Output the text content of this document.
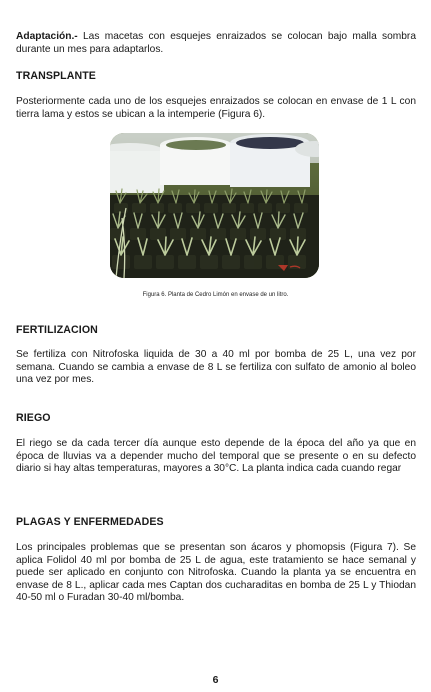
Adaptación.- Las macetas con esquejes enraizados se colocan bajo malla sombra durante un mes para adaptarlos.

TRANSPLANTE

Posteriormente cada uno de los esquejes enraizados se colocan en envase de 1 L con tierra lama y estos se ubican a la intemperie (Figura 6).

Figura 6. Planta de Cedro Limón en envase de un litro.
FERTILIZACION

Se fertiliza con Nitrofoska liquida de 30 a 40 ml por bomba de 25 L, una vez por semana. Cuando se cambia a envase de 8 L se fertiliza con sulfato de amonio al boleo una vez por mes.

RIEGO

El riego se da cada tercer día aunque esto depende de la época del año ya que en época de lluvias va a depender mucho del temporal que se presente o en su defecto diario si hay altas temperaturas, mayores a 30°C. La planta indica cada cuando regar

PLAGAS Y ENFERMEDADES

Los principales problemas que se presentan son ácaros y phomopsis (Figura 7). Se aplica Folidol 40 ml por bomba de 25 L de agua, este tratamiento se hace semanal y puede ser aplicado en conjunto con Nitrofoska. Cuando la planta ya se encuentra en envase de 8 L., aplicar cada mes Captan dos cucharaditas en bomba de 25 L y Thiodan 40-50 ml o Furadan 30-40 ml/bomba.

6
